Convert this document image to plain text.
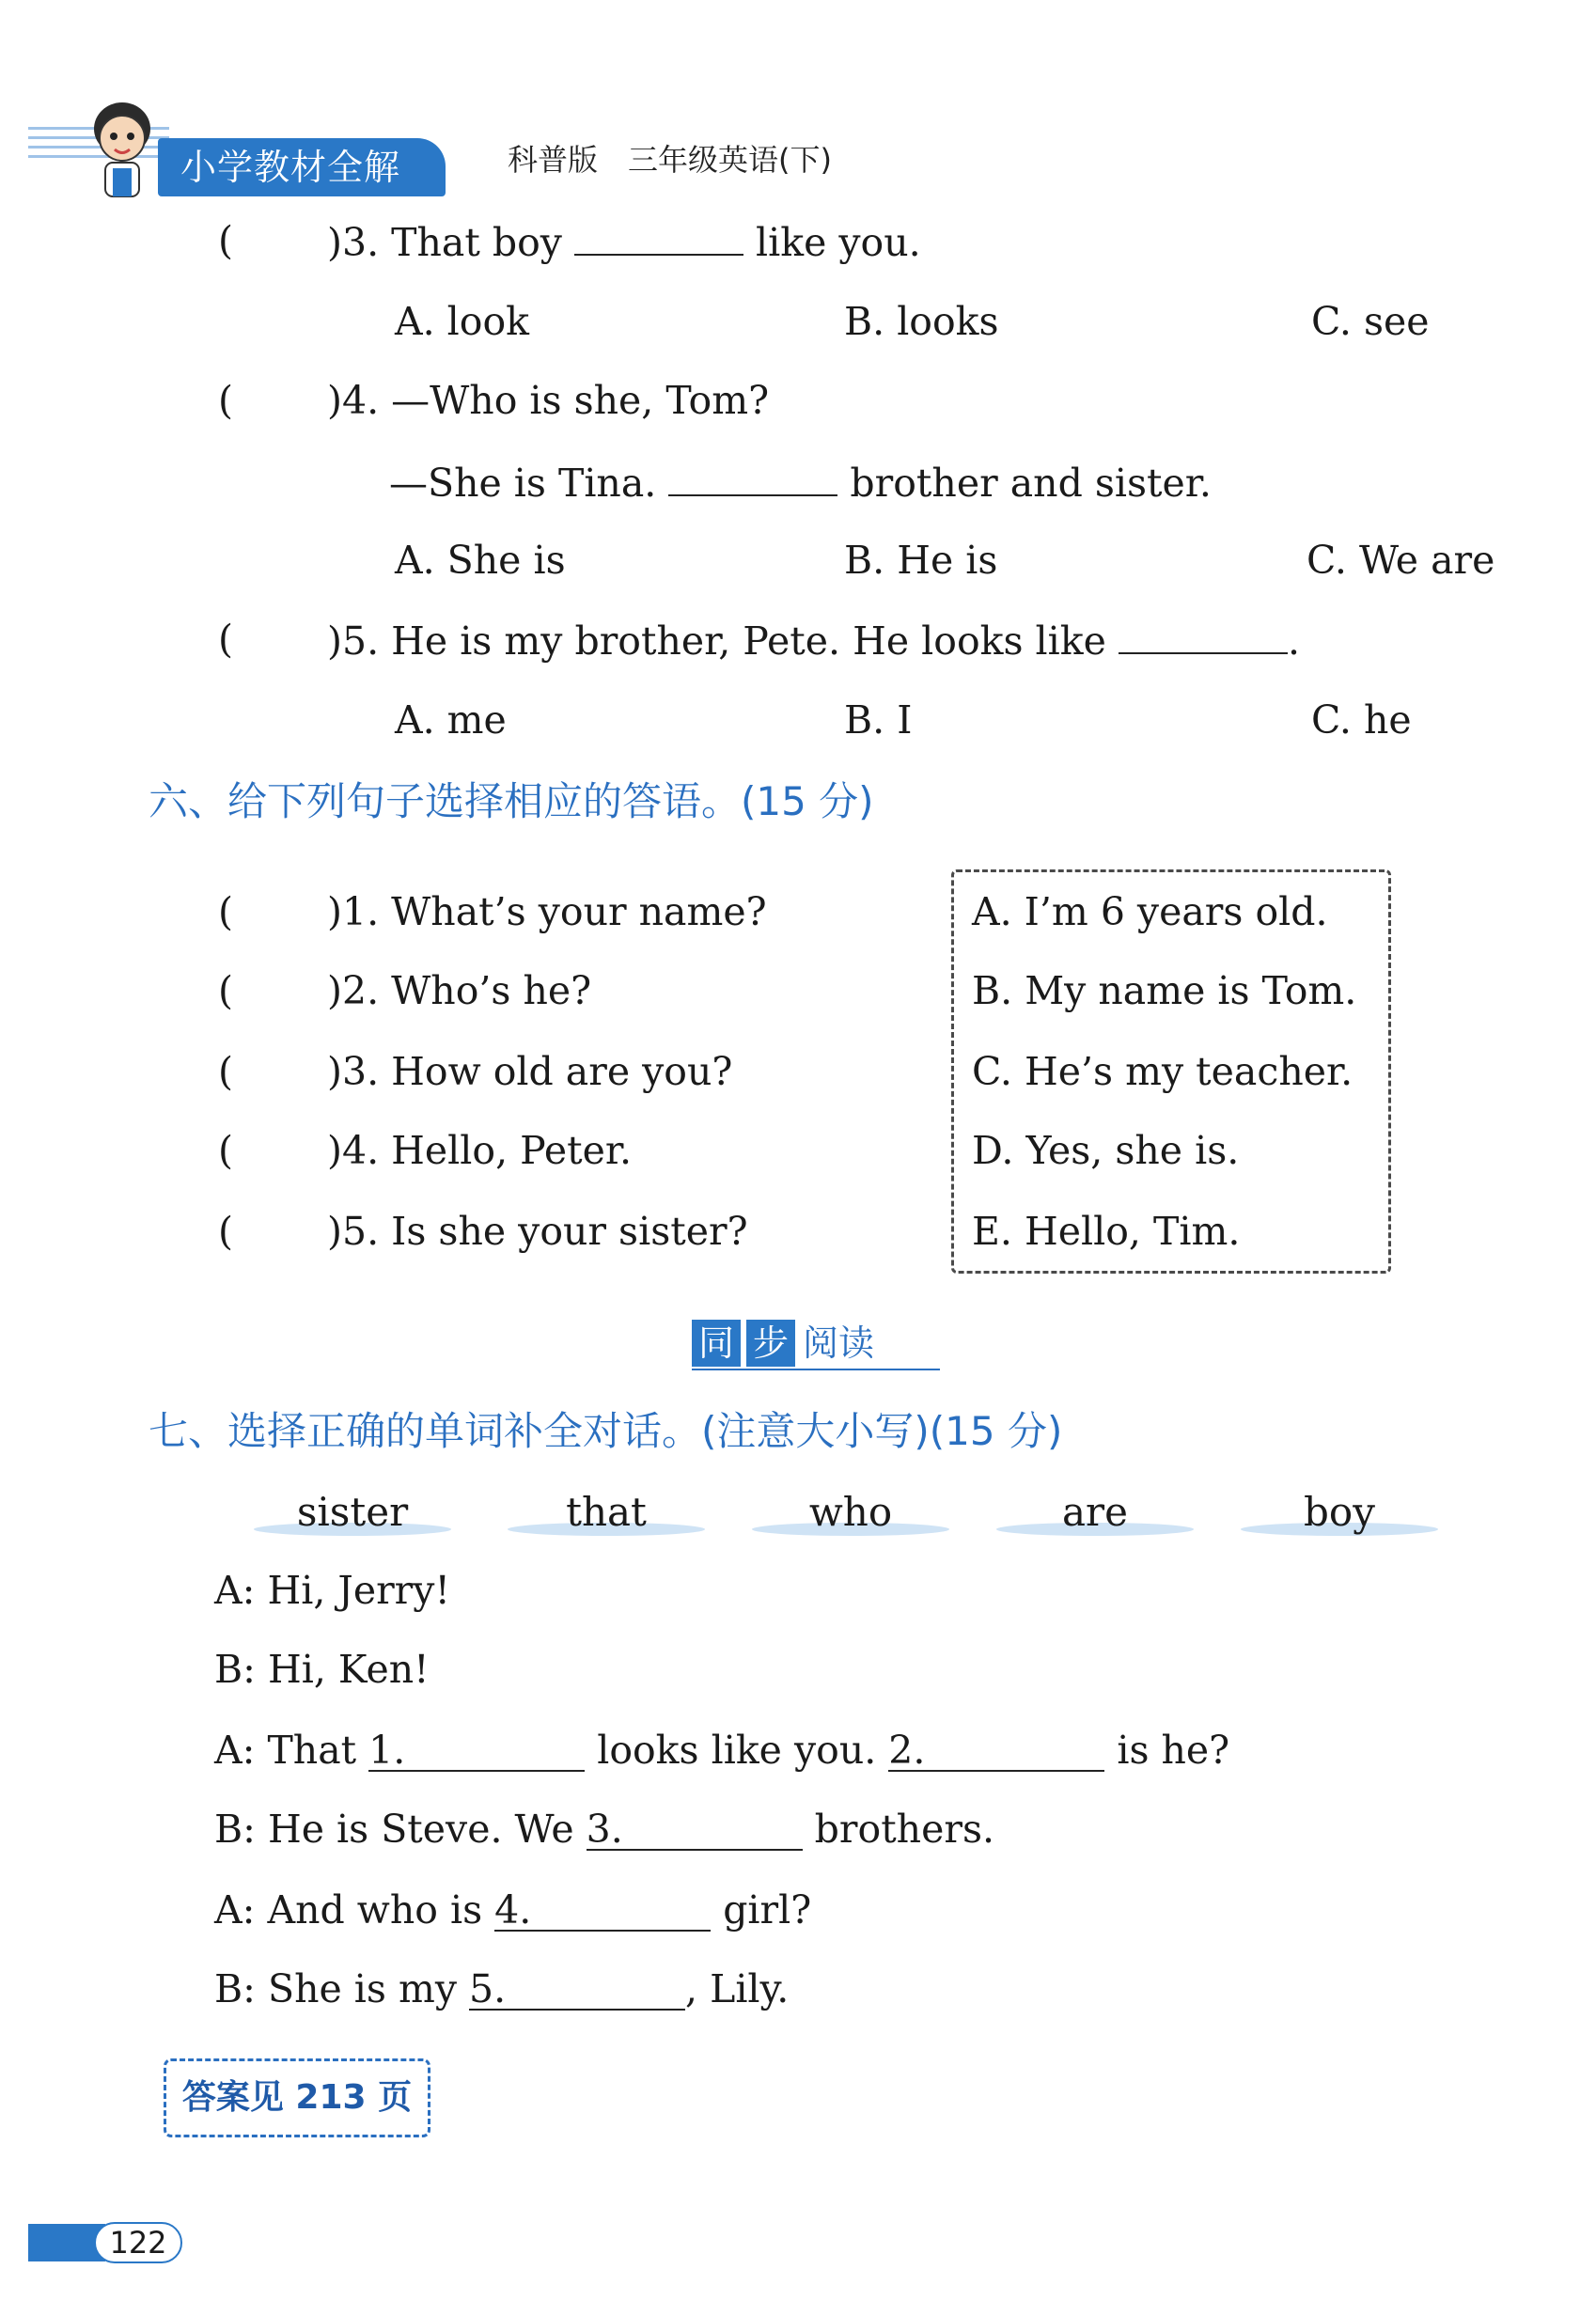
小学教材全解	科普版　三年级英语(下)
( )3. That boy	like you.
A. look	B. looks	C. see
( )4. —Who is she, Tom?
—She is Tina.	brother and sister.
A. She is	B. He is	C. We are
( )5. He is my brother, Pete. He looks like	.
A. me	B. I	C. he
六、给下列句子选择相应的答语。(15 分)
( )1. What’s your name?
( )2. Who’s he?
( )3. How old are you?
( )4. Hello, Peter.
( )5. Is she your sister?
A. I’m 6 years old.
B. My name is Tom.
C. He’s my teacher.
D. Yes, she is.
E. Hello, Tim.
同 步 阅读
七、选择正确的单词补全对话。(注意大小写)(15 分)
sister	that	who	are	boy
A: Hi, Jerry!
B: Hi, Ken!
A: That 1.	looks like you. 2.	is he?
B: He is Steve. We 3.	brothers.
A: And who is 4.	girl?
B: She is my 5.	, Lily.
答案见 213 页
122
